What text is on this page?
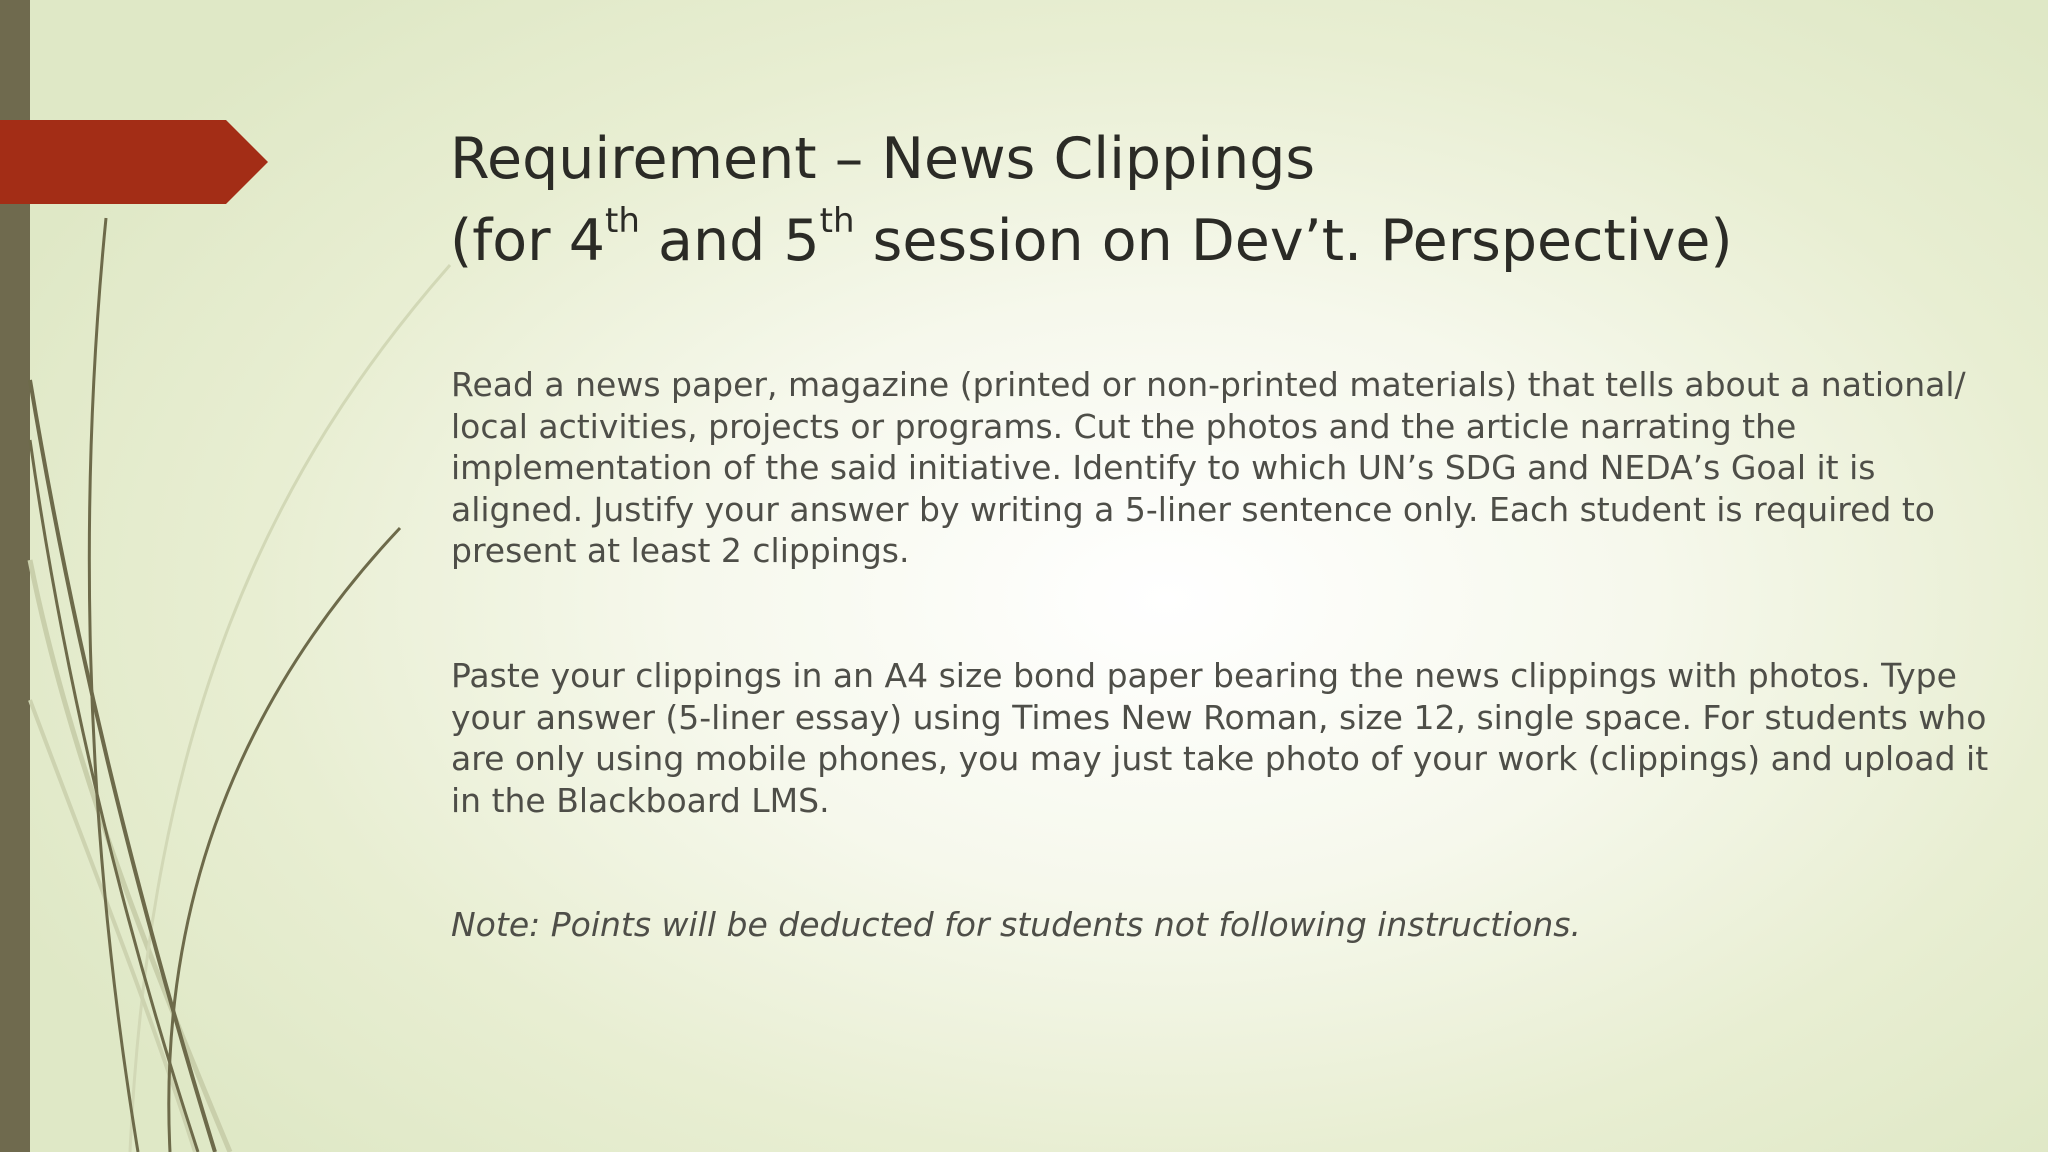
Requirement – News Clippings
(for 4th and 5th session on Dev’t. Perspective)

Read a news paper, magazine (printed or non-printed materials) that tells about a national/ local activities, projects or programs. Cut the photos and the article narrating the implementation of the said initiative. Identify to which UN’s SDG and NEDA’s Goal it is aligned. Justify your answer by writing a 5-liner sentence only. Each student is required to present at least 2 clippings.

Paste your clippings in an A4 size bond paper bearing the news clippings with photos. Type your answer (5-liner essay) using Times New Roman, size 12, single space. For students who are only using mobile phones, you may just take photo of your work (clippings) and upload it in the Blackboard LMS.

Note: Points will be deducted for students not following instructions.
